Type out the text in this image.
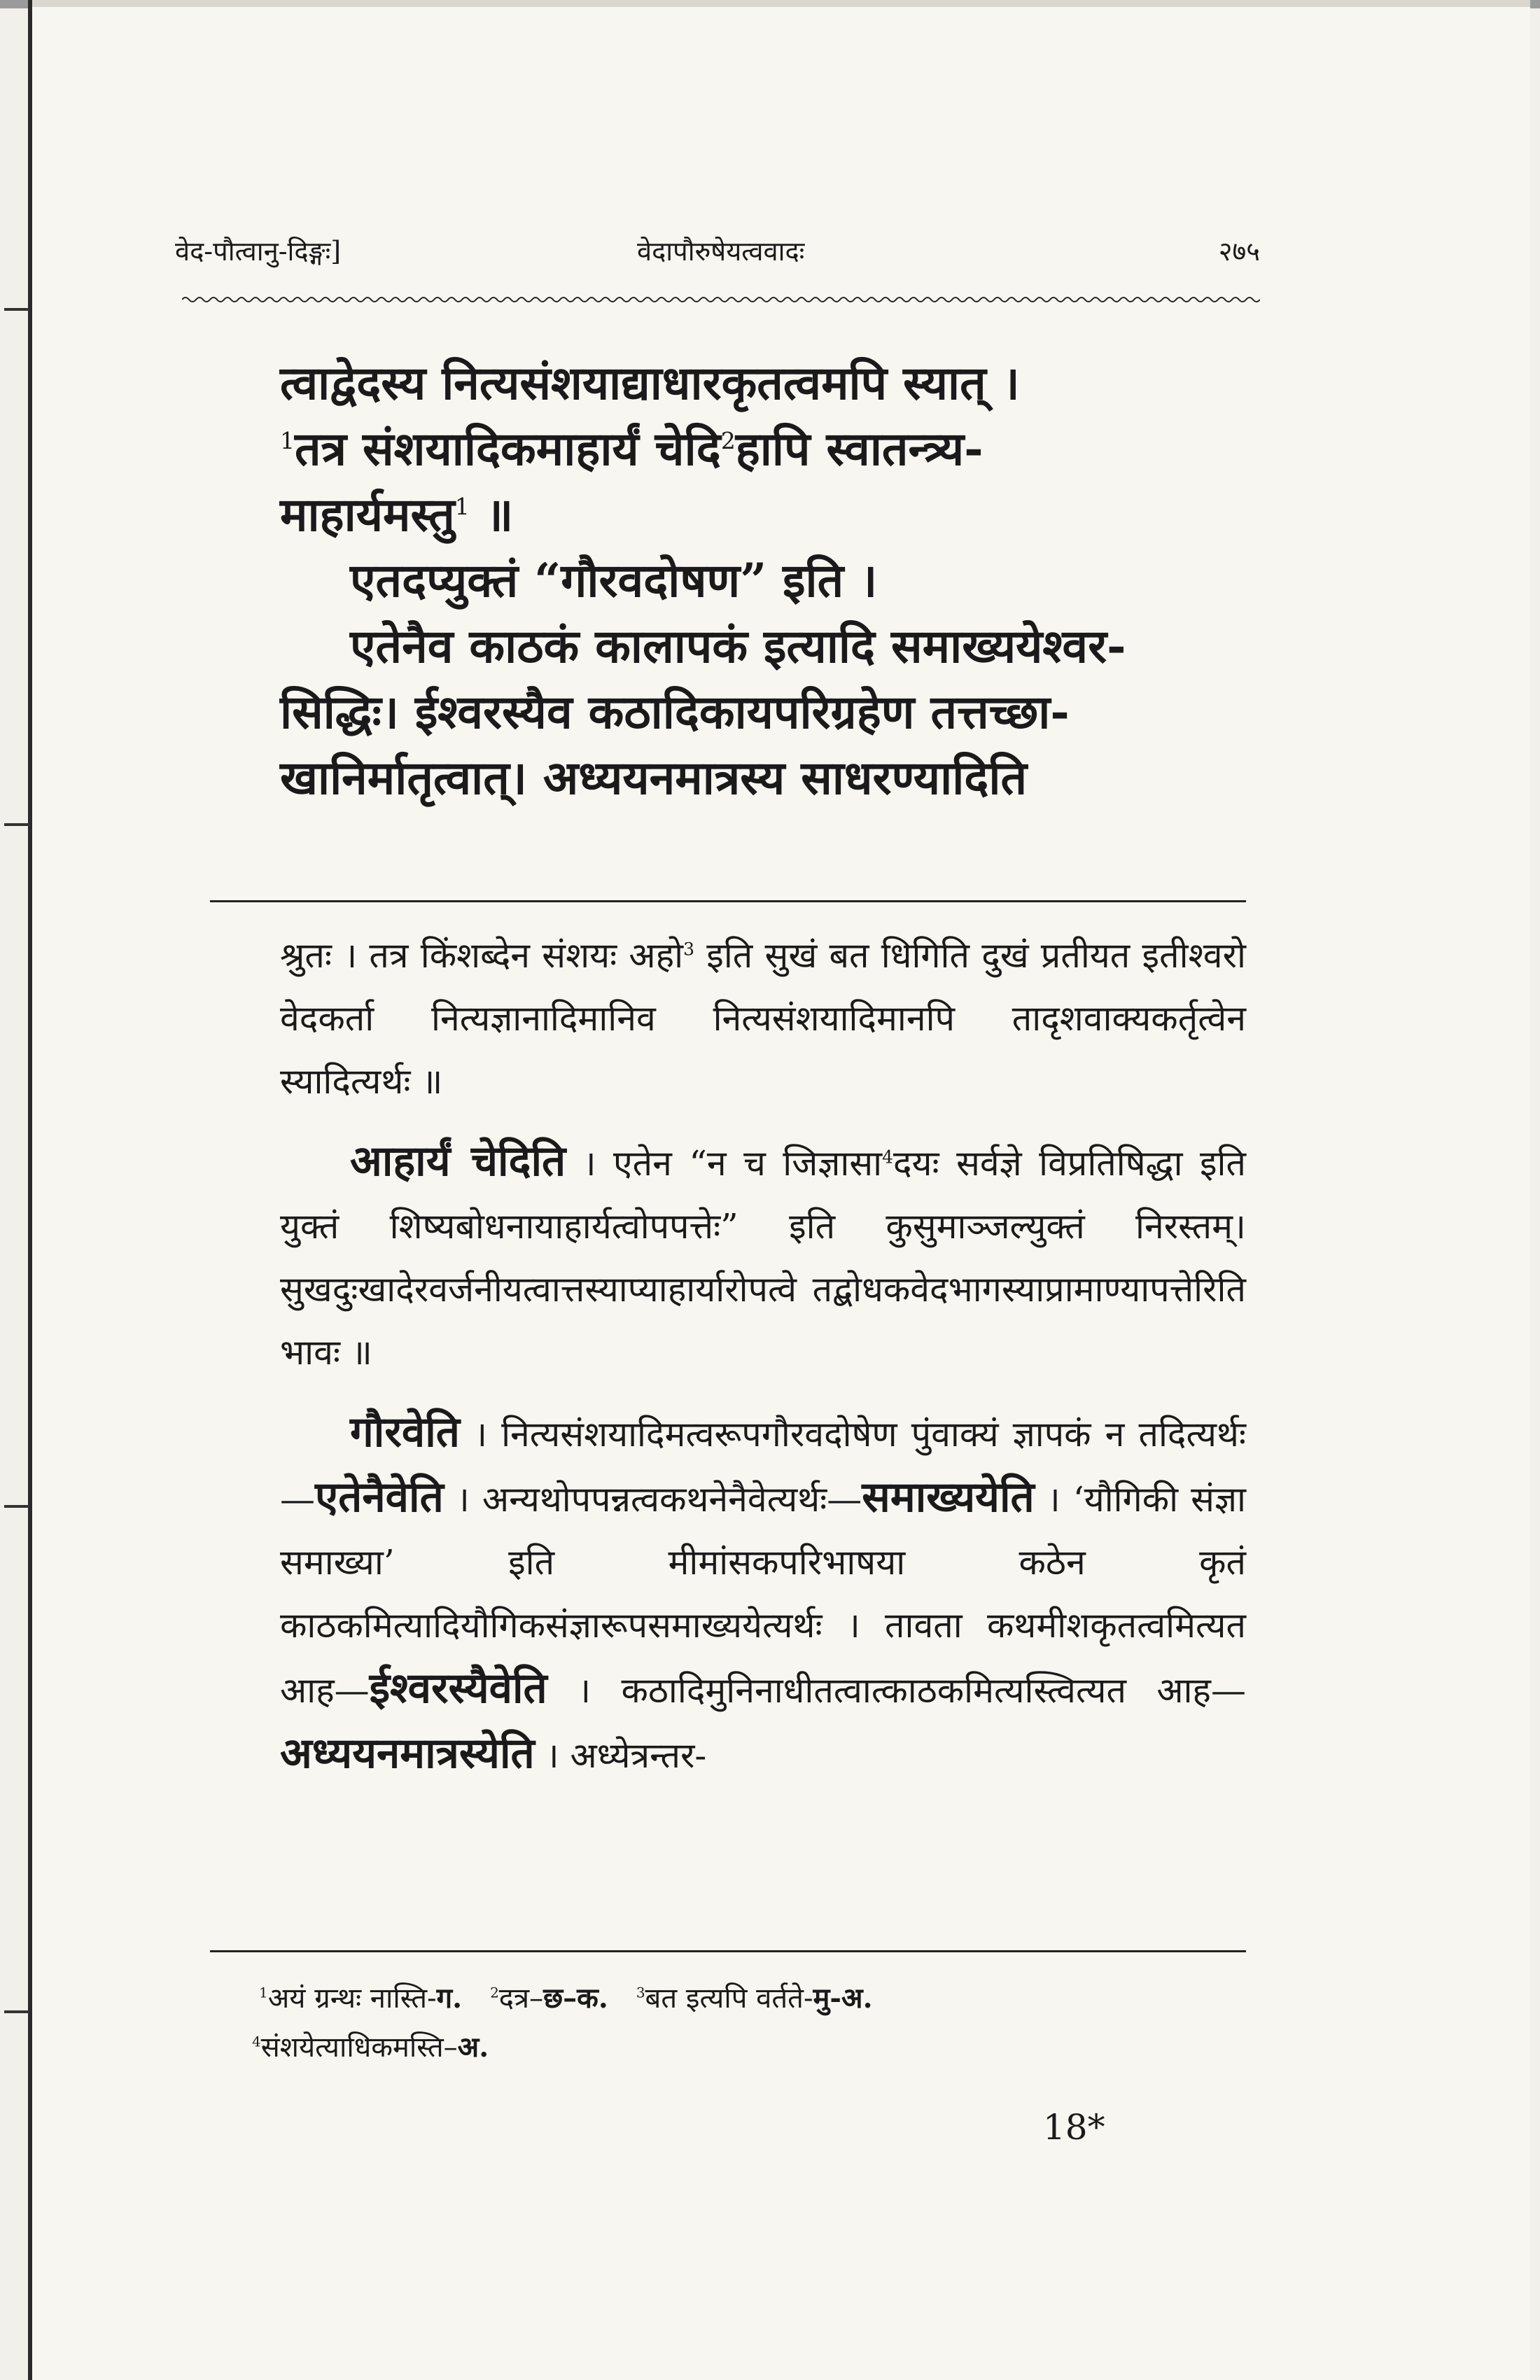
वेद-पौत्वानु-दिङ्गः]	वेदापौरुषेयत्ववादः	२७५

त्वाद्वेदस्य नित्यसंशयाद्याधारकृतत्वमपि स्यात् ।

$^1$तत्र संशयादिकमाहार्यं चेदि$^2$हापि स्वातन्त्र्य-

माहार्यमस्तु$^1$ ॥

एतदप्युक्तं “गौरवदोषण” इति ।

एतेनैव काठकं कालापकं इत्यादि समाख्ययेश्वर-

सिद्धिः। ईश्वरस्यैव कठादिकायपरिग्रहेण तत्तच्छा-

खानिर्मातृत्वात्। अध्ययनमात्रस्य साधरण्यादिति

श्रुतः । तत्र किंशब्देन संशयः अहो$^3$ इति सुखं बत धिगिति दुखं प्रतीयत इतीश्वरो वेदकर्ता नित्यज्ञानादिमानिव नित्यसंशयादिमानपि तादृशवाक्यकर्तृत्वेन स्यादित्यर्थः ॥

  आहार्यं चेदिति । एतेन “न च जिज्ञासा$^4$दयः सर्वज्ञे विप्रतिषिद्धा इति युक्तं शिष्यबोधनायाहार्यत्वोपपत्तेः” इति कुसुमाञ्जल्युक्तं निरस्तम्। सुखदुःखादेरवर्जनीयत्वात्तस्याप्याहार्यारोपत्वे तद्बोधकवेदभागस्याप्रामाण्यापत्तेरिति भावः ॥

  गौरवेति । नित्यसंशयादिमत्वरूपगौरवदोषेण पुंवाक्यं ज्ञापकं न तदित्यर्थः—एतेनैवेति । अन्यथोपपन्नत्वकथनेनैवेत्यर्थः—समाख्ययेति । ‘यौगिकी संज्ञा समाख्या’ इति मीमांसकपरिभाषया कठेन कृतं काठकमित्यादियौगिकसंज्ञारूपसमाख्ययेत्यर्थः । तावता कथमीशकृतत्वमित्यत आह—ईश्वरस्यैवेति । कठादिमुनिनाधीतत्वात्काठकमित्यस्त्वित्यत आह—अध्ययनमात्रस्येति । अध्येत्रन्तर-

$^1$अयं ग्रन्थः नास्ति-ग.  $^2$दत्र–छ–क.  $^3$बत इत्यपि वर्तते-मु-अ.

$^4$संशयेत्याधिकमस्ति–अ.

18*
